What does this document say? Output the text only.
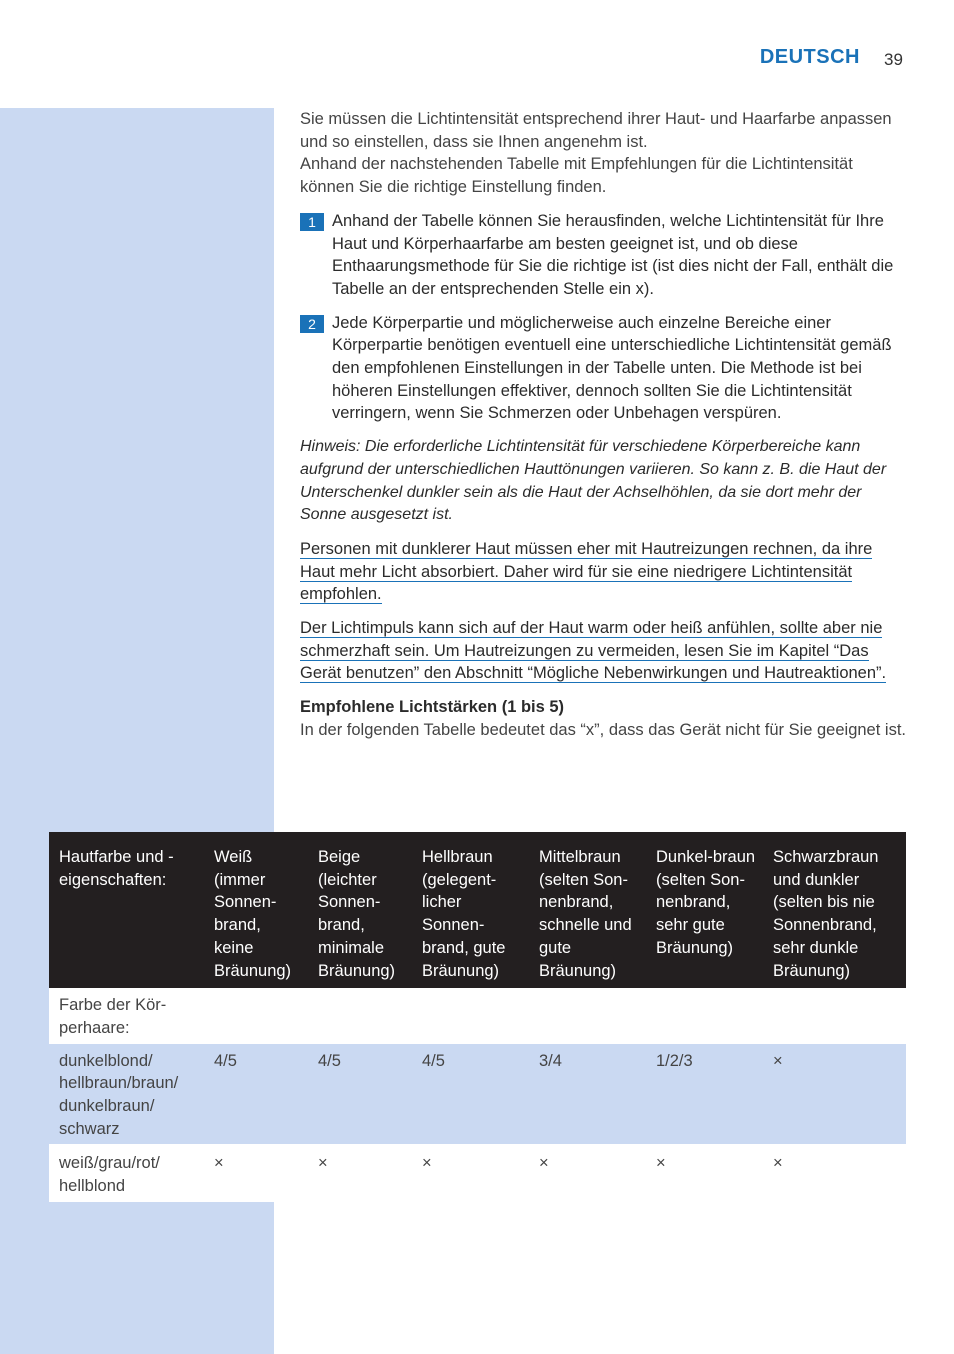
DEUTSCH 39
Sie müssen die Lichtintensität entsprechend ihrer Haut- und Haarfarbe anpassen und so einstellen, dass sie Ihnen angenehm ist.
Anhand der nachstehenden Tabelle mit Empfehlungen für die Lichtintensität können Sie die richtige Einstellung finden.
1 Anhand der Tabelle können Sie herausfinden, welche Lichtintensität für Ihre Haut und Körperhaarfarbe am besten geeignet ist, und ob diese Enthaarungsmethode für Sie die richtige ist (ist dies nicht der Fall, enthält die Tabelle an der entsprechenden Stelle ein x).
2 Jede Körperpartie und möglicherweise auch einzelne Bereiche einer Körperpartie benötigen eventuell eine unterschiedliche Lichtintensität gemäß den empfohlenen Einstellungen in der Tabelle unten. Die Methode ist bei höheren Einstellungen effektiver, dennoch sollten Sie die Lichtintensität verringern, wenn Sie Schmerzen oder Unbehagen verspüren.
Hinweis: Die erforderliche Lichtintensität für verschiedene Körperbereiche kann aufgrund der unterschiedlichen Hauttönungen variieren. So kann z. B. die Haut der Unterschenkel dunkler sein als die Haut der Achselhöhlen, da sie dort mehr der Sonne ausgesetzt ist.
Personen mit dunklerer Haut müssen eher mit Hautreizungen rechnen, da ihre Haut mehr Licht absorbiert. Daher wird für sie eine niedrigere Lichtintensität empfohlen.
Der Lichtimpuls kann sich auf der Haut warm oder heiß anfühlen, sollte aber nie schmerzhaft sein. Um Hautreizungen zu vermeiden, lesen Sie im Kapitel “Das Gerät benutzen” den Abschnitt “Mögliche Nebenwirkungen und Hautreaktionen”.
Empfohlene Lichtstärken (1 bis 5)
In der folgenden Tabelle bedeutet das “x”, dass das Gerät nicht für Sie geeignet ist.
Hautfarbe und -eigenschaften:	Weiß (immer Sonnen-brand, keine Bräunung)	Beige (leichter Sonnen-brand, minimale Bräunung)	Hellbraun (gelegent-licher Sonnen-brand, gute Bräunung)	Mittelbraun (selten Son-nenbrand, schnelle und gute Bräunung)	Dunkel-braun (selten Son-nenbrand, sehr gute Bräunung)	Schwarzbraun und dunkler (selten bis nie Sonnenbrand, sehr dunkle Bräunung)
Farbe der Kör-perhaare:						
dunkelblond/ hellbraun/braun/ dunkelbraun/ schwarz	4/5	4/5	4/5	3/4	1/2/3	×
weiß/grau/rot/ hellblond	×	×	×	×	×	×
